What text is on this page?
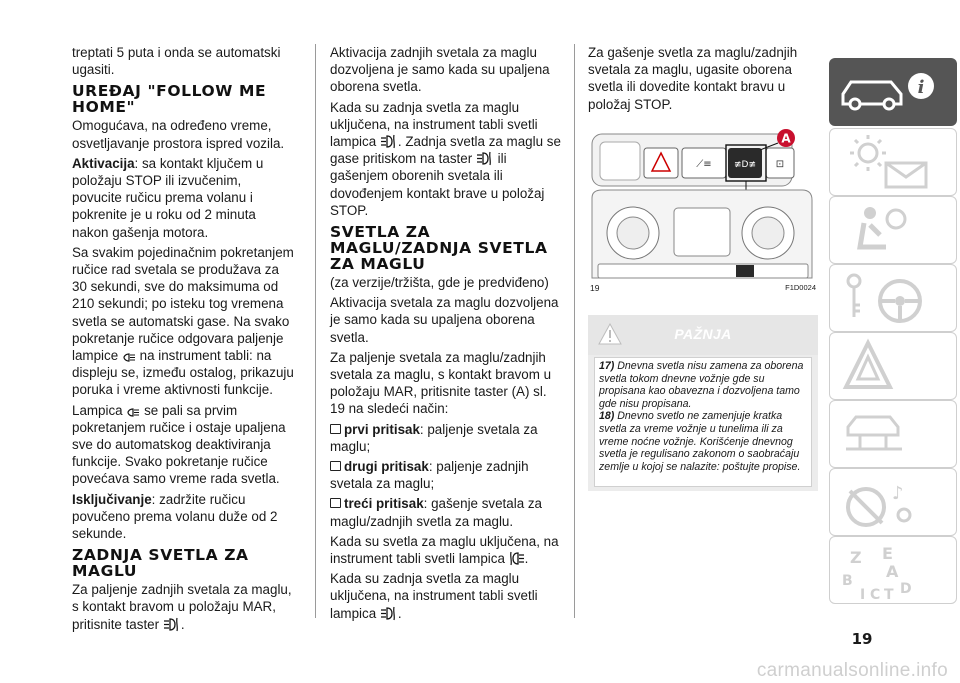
treptati 5 puta i onda se automatski ugasiti.

UREĐAJ "FOLLOW ME HOME"

Omogućava, na određeno vreme, osvetljavanje prostora ispred vozila.

Aktivacija: sa kontakt ključem u položaju STOP ili izvučenim, povucite ručicu prema volanu i pokrenite je u roku od 2 minuta nakon gašenja motora.

Sa svakim pojedinačnim pokretanjem ručice rad svetala se produžava za 30 sekundi, sve do maksimuma od 210 sekundi; po isteku tog vremena svetla se automatski gase. Na svako pokretanje ručice odgovara paljenje lampice na instrument tabli: na displeju se, između ostalog, prikazuju poruka i vreme aktivnosti funkcije.

Lampica se pali sa prvim pokretanjem ručice i ostaje upaljena sve do automatskog deaktiviranja funkcije. Svako pokretanje ručice povećava samo vreme rada svetla.

Isključivanje: zadržite ručicu povučeno prema volanu duže od 2 sekunde.

ZADNJA SVETLA ZA MAGLU

Za paljenje zadnjih svetala za maglu, s kontakt bravom u položaju MAR, pritisnite taster .

Aktivacija zadnjih svetala za maglu dozvoljena je samo kada su upaljena oborena svetla.

Kada su zadnja svetla za maglu uključena, na instrument tabli svetli lampica . Zadnja svetla za maglu se gase pritiskom na taster ili gašenjem oborenih svetala ili dovođenjem kontakt brave u položaj STOP.

SVETLA ZA MAGLU/ZADNJA SVETLA ZA MAGLU

(za verzije/tržišta, gde je predviđeno)

Aktivacija svetala za maglu dozvoljena je samo kada su upaljena oborena svetla.

Za paljenje svetala za maglu/zadnjih svetala za maglu, s kontakt bravom u položaju MAR, pritisnite taster (A) sl. 19 na sledeći način:

prvi pritisak: paljenje svetala za maglu;

drugi pritisak: paljenje zadnjih svetala za maglu;

treći pritisak: gašenje svetala za maglu/zadnjih svetla za maglu.

Kada su svetla za maglu uključena, na instrument tabli svetli lampica .

Kada su zadnja svetla za maglu uključena, na instrument tabli svetli lampica .

Za gašenje svetla za maglu/zadnjih svetala za maglu, ugasite oborena svetla ili dovedite kontakt bravu u položaj STOP.

⟋≡ ≢D≢ ⊡
A
19	F1D0024
PAŽNJA

17) Dnevna svetla nisu zamena za oborena svetla tokom dnevne vožnje gde su propisana kao obavezna i dozvoljena tamo gde nisu propisana.

18) Dnevno svetlo ne zamenjuje kratka svetla za vreme vožnje u tunelima ili za vreme noćne vožnje. Korišćenje dnevnog svetla je regulisano zakonom o saobraćaju zemlje u kojoj se nalazite: poštujte propise.

i
♪
Z E
B A
I C T D
19
carmanualsonline.info
